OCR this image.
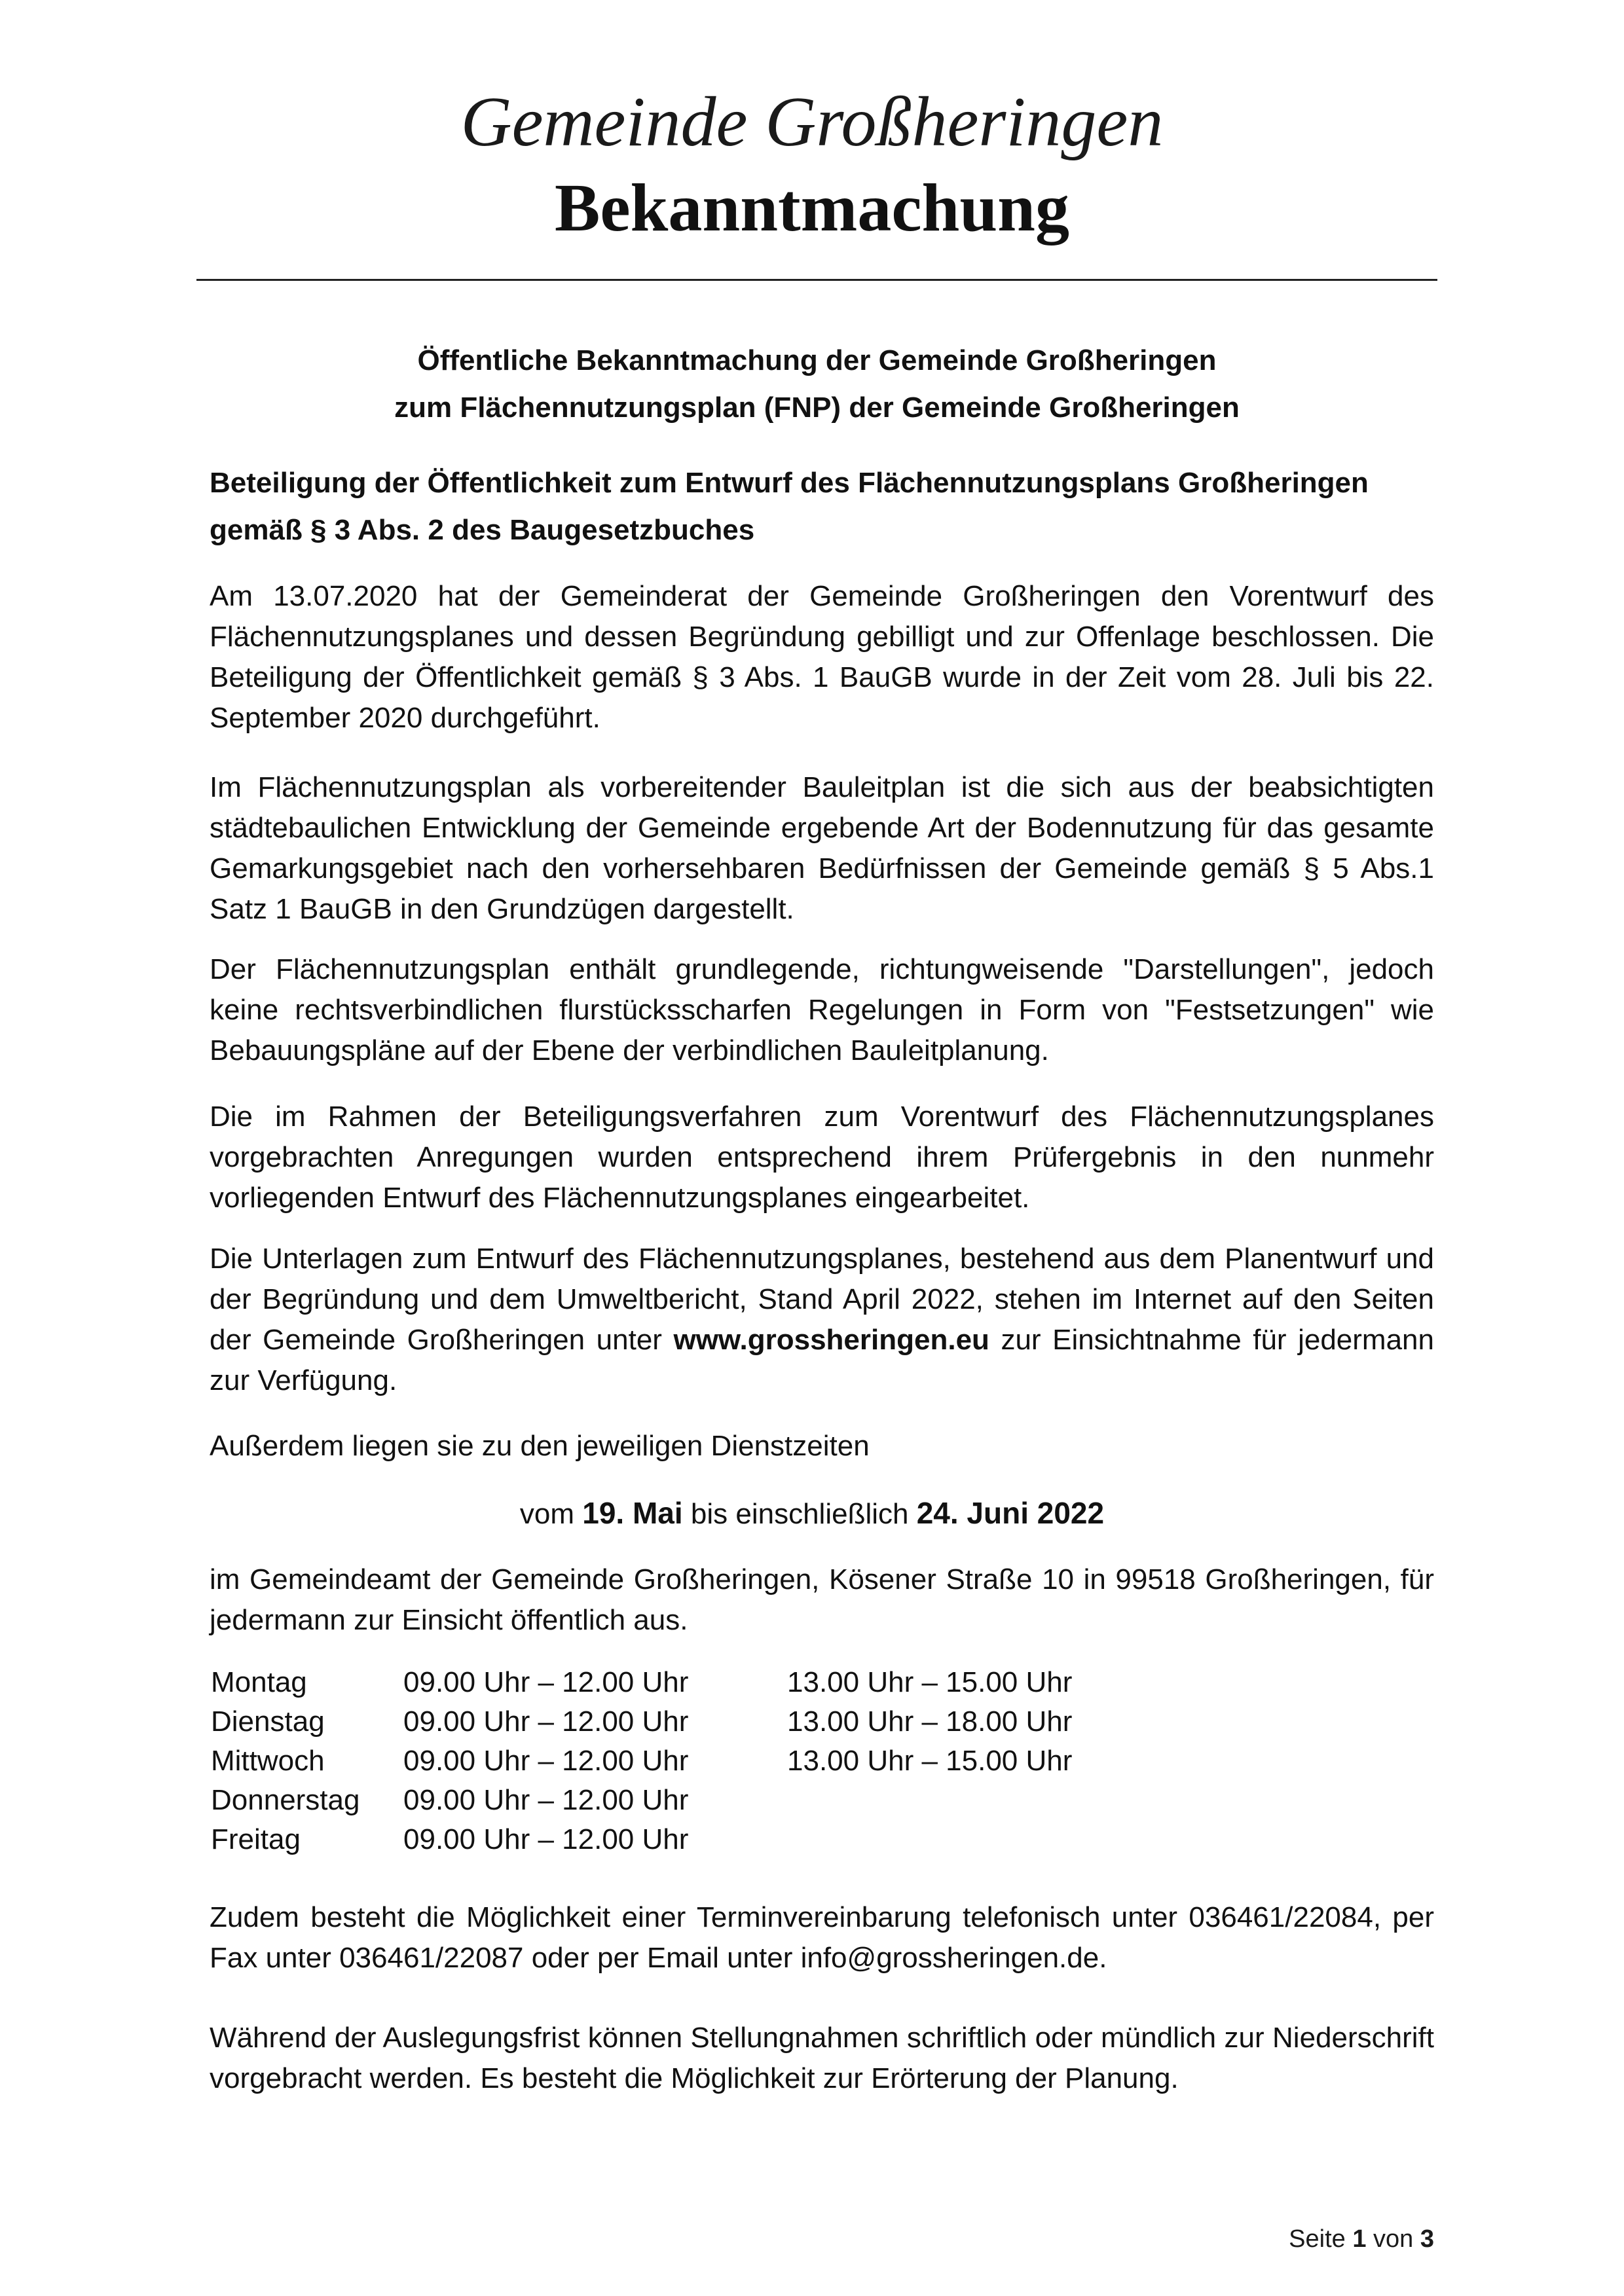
Gemeinde Großheringen
Bekanntmachung
Öffentliche Bekanntmachung der Gemeinde Großheringen
zum Flächennutzungsplan (FNP) der Gemeinde Großheringen
Beteiligung der Öffentlichkeit zum Entwurf des Flächennutzungsplans Großheringen
gemäß § 3 Abs. 2 des Baugesetzbuches
Am 13.07.2020 hat der Gemeinderat der Gemeinde Großheringen den Vorentwurf des Flächennutzungsplanes und dessen Begründung gebilligt und zur Offenlage beschlossen. Die Beteiligung der Öffentlichkeit gemäß § 3 Abs. 1 BauGB wurde in der Zeit vom 28. Juli bis 22. September 2020 durchgeführt.
Im Flächennutzungsplan als vorbereitender Bauleitplan ist die sich aus der beabsichtigten städtebaulichen Entwicklung der Gemeinde ergebende Art der Bodennutzung für das gesamte Gemarkungsgebiet nach den vorhersehbaren Bedürfnissen der Gemeinde gemäß § 5 Abs.1 Satz 1 BauGB in den Grundzügen dargestellt.
Der Flächennutzungsplan enthält grundlegende, richtungweisende "Darstellungen", jedoch keine rechtsverbindlichen flurstücksscharfen Regelungen in Form von "Festsetzungen" wie Bebauungspläne auf der Ebene der verbindlichen Bauleitplanung.
Die im Rahmen der Beteiligungsverfahren zum Vorentwurf des Flächennutzungsplanes vorgebrachten Anregungen wurden entsprechend ihrem Prüfergebnis in den nunmehr vorliegenden Entwurf des Flächennutzungsplanes eingearbeitet.
Die Unterlagen zum Entwurf des Flächennutzungsplanes, bestehend aus dem Planentwurf und der Begründung und dem Umweltbericht, Stand April 2022, stehen im Internet auf den Seiten der Gemeinde Großheringen unter www.grossheringen.eu zur Einsichtnahme für jedermann zur Verfügung.
Außerdem liegen sie zu den jeweiligen Dienstzeiten
vom 19. Mai bis einschließlich 24. Juni 2022
im Gemeindeamt der Gemeinde Großheringen, Kösener Straße 10 in 99518 Großheringen, für jedermann zur Einsicht öffentlich aus.
Montag	09.00 Uhr – 12.00 Uhr	13.00 Uhr – 15.00 Uhr
Dienstag	09.00 Uhr – 12.00 Uhr	13.00 Uhr – 18.00 Uhr
Mittwoch	09.00 Uhr – 12.00 Uhr	13.00 Uhr – 15.00 Uhr
Donnerstag	09.00 Uhr – 12.00 Uhr
Freitag	09.00 Uhr – 12.00 Uhr
Zudem besteht die Möglichkeit einer Terminvereinbarung telefonisch unter 036461/22084, per Fax unter 036461/22087 oder per Email unter info@grossheringen.de.
Während der Auslegungsfrist können Stellungnahmen schriftlich oder mündlich zur Niederschrift vorgebracht werden. Es besteht die Möglichkeit zur Erörterung der Planung.
Seite 1 von 3
